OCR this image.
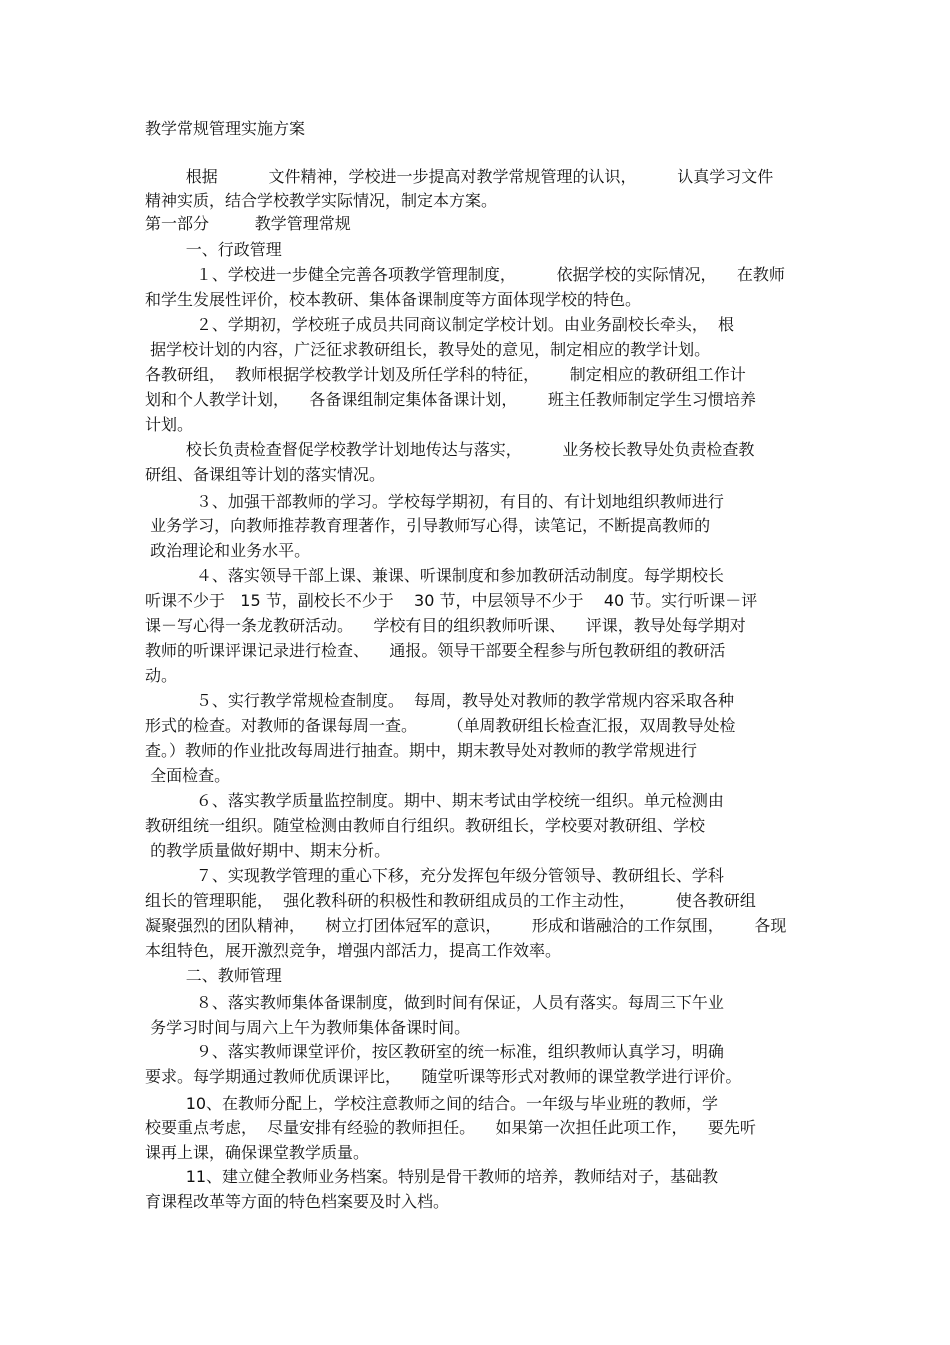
教学常规管理实施方案
根据          文件精神，学校进一步提高对教学常规管理的认识，        认真学习文件
精神实质，结合学校教学实际情况，制定本方案。
第一部分         教学管理常规
一、行政管理
１、学校进一步健全完善各项教学管理制度，        依据学校的实际情况，    在教师
和学生发展性评价，校本教研、集体备课制度等方面体现学校的特色。
２、学期初，学校班子成员共同商议制定学校计划。由业务副校长牵头，  根
据学校计划的内容，广泛征求教研组长，教导处的意见，制定相应的教学计划。
各教研组，  教师根据学校教学计划及所任学科的特征，      制定相应的教研组工作计
划和个人教学计划，    各备课组制定集体备课计划，      班主任教师制定学生习惯培养
计划。
校长负责检查督促学校教学计划地传达与落实，        业务校长教导处负责检查教
研组、备课组等计划的落实情况。
３、加强干部教师的学习。学校每学期初，有目的、有计划地组织教师进行
业务学习，向教师推荐教育理著作，引导教师写心得，读笔记，不断提高教师的
政治理论和业务水平。
４、落实领导干部上课、兼课、听课制度和参加教研活动制度。每学期校长
听课不少于   15 节，副校长不少于    30 节，中层领导不少于    40 节。实行听课－评
课－写心得一条龙教研活动。    学校有目的组织教师听课、    评课，教导处每学期对
教师的听课评课记录进行检查、    通报。领导干部要全程参与所包教研组的教研活
动。
５、实行教学常规检查制度。  每周，教导处对教师的教学常规内容采取各种
形式的检查。对教师的备课每周一查。      （单周教研组长检查汇报，双周教导处检
查。）教师的作业批改每周进行抽查。期中，期末教导处对教师的教学常规进行
全面检查。
６、落实教学质量监控制度。期中、期末考试由学校统一组织。单元检测由
教研组统一组织。随堂检测由教师自行组织。教研组长，学校要对教研组、学校
的教学质量做好期中、期末分析。
７、实现教学管理的重心下移，充分发挥包年级分管领导、教研组长、学科
组长的管理职能，  强化教科研的积极性和教研组成员的工作主动性，        使各教研组
凝聚强烈的团队精神，    树立打团体冠军的意识，      形成和谐融洽的工作氛围，      各现
本组特色，展开激烈竞争，增强内部活力，提高工作效率。
二、教师管理
８、落实教师集体备课制度，做到时间有保证，人员有落实。每周三下午业
务学习时间与周六上午为教师集体备课时间。
９、落实教师课堂评价，按区教研室的统一标准，组织教师认真学习，明确
要求。每学期通过教师优质课评比，    随堂听课等形式对教师的课堂教学进行评价。
10、在教师分配上，学校注意教师之间的结合。一年级与毕业班的教师，学
校要重点考虑，  尽量安排有经验的教师担任。    如果第一次担任此项工作，    要先听
课再上课，确保课堂教学质量。
11、建立健全教师业务档案。特别是骨干教师的培养，教师结对子，基础教
育课程改革等方面的特色档案要及时入档。
